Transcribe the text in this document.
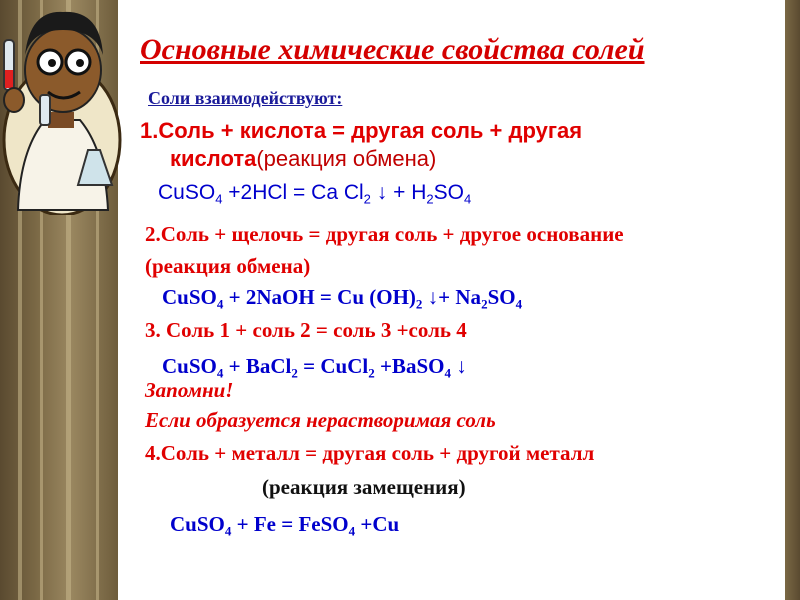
Основные химические свойства солей
Соли взаимодействуют:
1.Соль + кислота = другая соль + другая
кислота(реакция обмена)
CuSO$_4$ +2HCl = Ca $Cl_2$ ↓ + $H_2SO_4$
2.Соль + щелочь = другая соль + другое основание
(реакция обмена)
CuSO$_4$ + 2NaOH = Cu $(OH)_2$ ↓+ $Na_2SO_4$
3. Соль 1 + соль 2 = соль 3 +соль 4
CuSO$_4$ + BaCl$_2$ = CuCl$_2$ +BaSO$_4$ ↓
Запомни!
Если образуется нерастворимая соль
4.Соль + металл = другая соль + другой металл
(реакция замещения)
CuSO$_4$ + Fe = FeSO$_4$ +Cu
